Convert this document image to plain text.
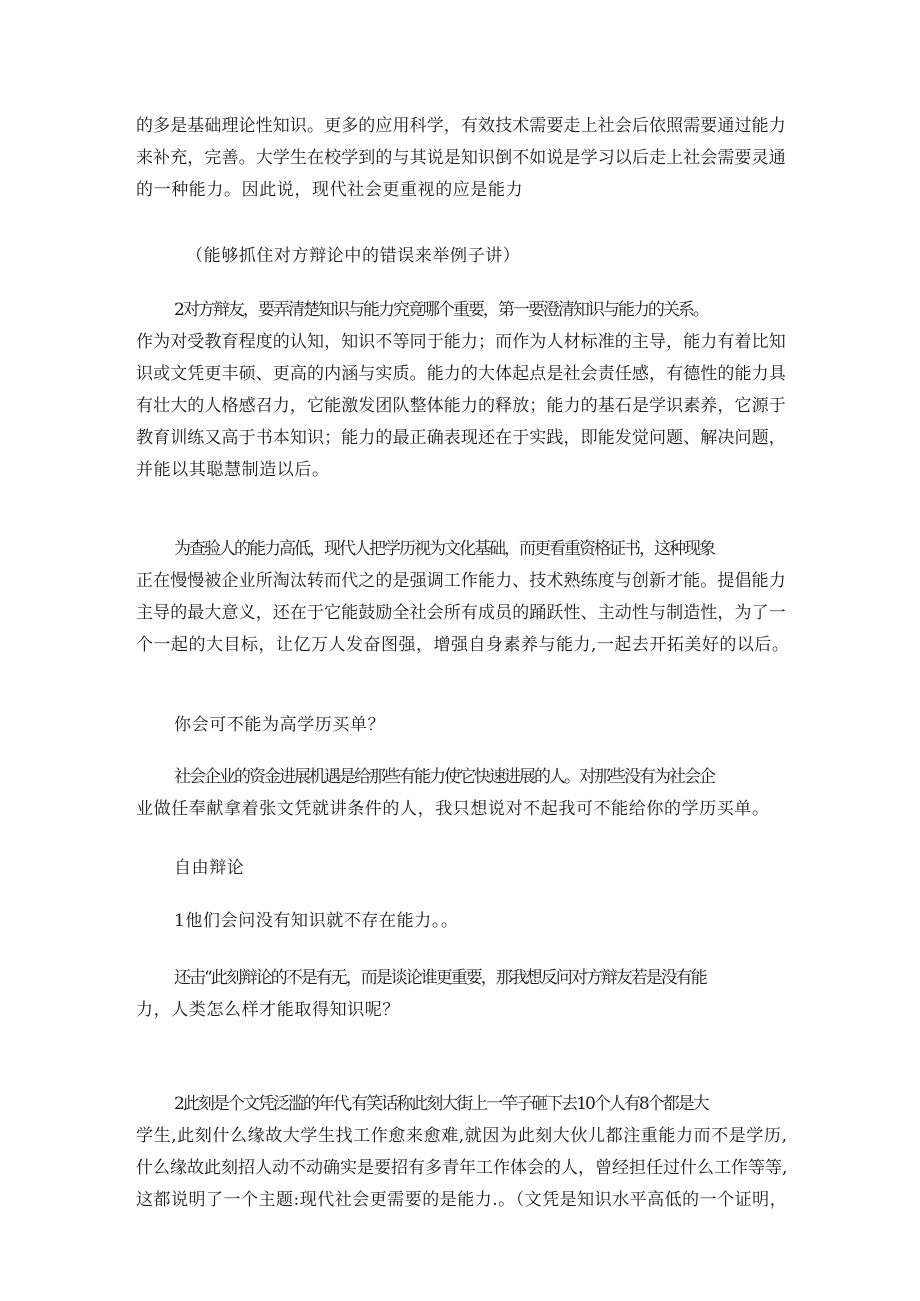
的多是基础理论性知识。更多的应用科学，有效技术需要走上社会后依照需要通过能力
来补充，完善。大学生在校学到的与其说是知识倒不如说是学习以后走上社会需要灵通
的一种能力。因此说，现代社会更重视的应是能力

（能够抓住对方辩论中的错误来举例子讲）

2对方辩友，要弄清楚知识与能力究竟哪个重要，第一要澄清知识与能力的关系。
作为对受教育程度的认知，知识不等同于能力；而作为人材标准的主导，能力有着比知
识或文凭更丰硕、更高的内涵与实质。能力的大体起点是社会责任感，有德性的能力具
有壮大的人格感召力，它能激发团队整体能力的释放；能力的基石是学识素养，它源于
教育训练又高于书本知识；能力的最正确表现还在于实践，即能发觉问题、解决问题，
并能以其聪慧制造以后。

为查验人的能力高低，现代人把学历视为文化基础，而更看重资格证书，这种现象
正在慢慢被企业所淘汰转而代之的是强调工作能力、技术熟练度与创新才能。提倡能力
主导的最大意义，还在于它能鼓励全社会所有成员的踊跃性、主动性与制造性，为了一
个一起的大目标，让亿万人发奋图强，增强自身素养与能力,一起去开拓美好的以后。

你会可不能为高学历买单？

社会企业的资金进展机遇是给那些有能力使它快速进展的人。对那些没有为社会企
业做任奉献拿着张文凭就讲条件的人，我只想说对不起我可不能给你的学历买单。

自由辩论

1他们会问没有知识就不存在能力。。

还击“此刻辩论的不是有无，而是谈论谁更重要，那我想反问对方辩友若是没有能
力，人类怎么样才能取得知识呢？

2此刻是个文凭泛滥的年代,有笑话称此刻大街上一竿子砸下去10个人有8个都是大
学生,此刻什么缘故大学生找工作愈来愈难,就因为此刻大伙儿都注重能力而不是学历,
什么缘故此刻招人动不动确实是要招有多青年工作体会的人，曾经担任过什么工作等等,
这都说明了一个主题:现代社会更需要的是能力.。（文凭是知识水平高低的一个证明，
